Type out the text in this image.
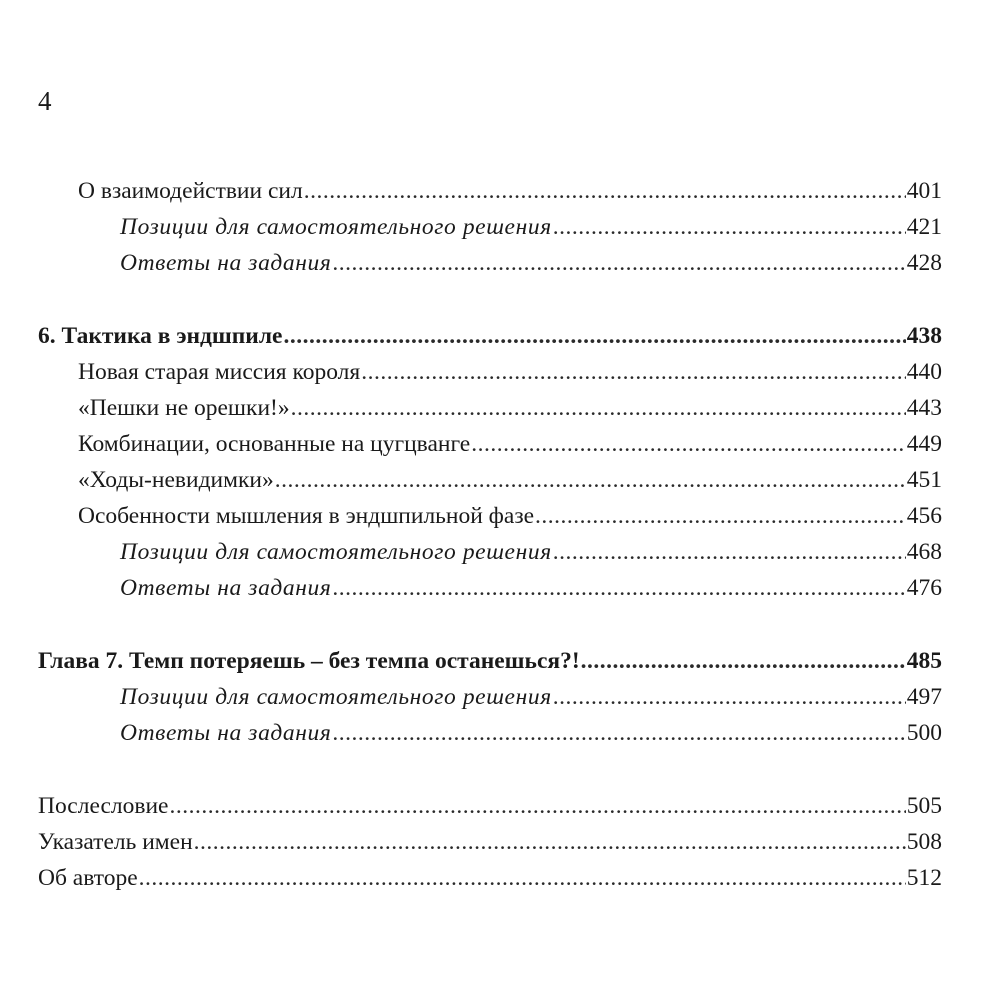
4
О взаимодействии сил .....	401
Позиции для самостоятельного решения .....	421
Ответы на задания .....	428
6. Тактика в эндшпиле .....	438
Новая старая миссия короля .....	440
«Пешки не орешки!» .....	443
Комбинации, основанные на цугцванге .....	449
«Ходы-невидимки» .....	451
Особенности мышления в эндшпильной фазе .....	456
Позиции для самостоятельного решения .....	468
Ответы на задания .....	476
Глава 7. Темп потеряешь – без темпа останешься?! .....	485
Позиции для самостоятельного решения .....	497
Ответы на задания .....	500
Послесловие .....	505
Указатель имен .....	508
Об авторе .....	512
